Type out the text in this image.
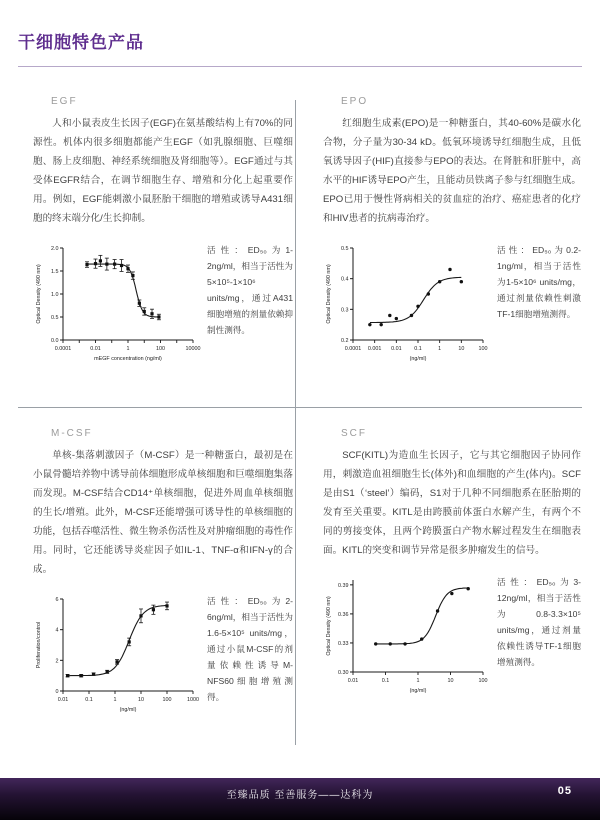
干细胞特色产品
EGF

人和小鼠表皮生长因子(EGF)在氨基酸结构上有70%的同源性。机体内很多细胞都能产生EGF（如乳腺细胞、巨噬细胞、肠上皮细胞、神经系统细胞及肾细胞等）。EGF通过与其受体EGFR结合，在调节细胞生存、增殖和分化上起重要作用。例如，EGF能刺激小鼠胚胎干细胞的增殖或诱导A431细胞的终末端分化/生长抑制。

0.0
0.5
1.0
1.5
2.0
0.0001	0.01	1	100	10000
mEGF concentration (ng/ml)
Optical Density (490 nm)

活性：ED₅₀为1-2ng/ml，相当于活性为5×10⁵-1×10⁶ units/mg，通过A431细胞增殖的剂量依赖抑制性测得。

EPO

红细胞生成素(EPO)是一种糖蛋白，其40-60%是碳水化合物，分子量为30-34 kD。低氧环境诱导红细胞生成，且低氧诱导因子(HIF)直接参与EPO的表达。在肾脏和肝脏中，高水平的HIF诱导EPO产生，且能动员铁离子参与红细胞生成。EPO已用于慢性肾病相关的贫血症的治疗、癌症患者的化疗和HIV患者的抗病毒治疗。

0.2
0.3
0.4
0.5
0.0001 0.001 0.01 0.1	1	10	100
(ng/ml)
Optical Density (490 nm)

活性：ED₅₀为0.2-1ng/ml，相当于活性为1-5×10⁶ units/mg，通过剂量依赖性刺激TF-1细胞增殖测得。

M-CSF

单核-集落刺激因子（M-CSF）是一种糖蛋白，最初是在小鼠骨髓培养物中诱导前体细胞形成单核细胞和巨噬细胞集落而发现。M-CSF结合CD14⁺单核细胞，促进外周血单核细胞的生长/增殖。此外，M-CSF还能增强可诱导性的单核细胞的功能，包括吞噬活性、微生物杀伤活性及对肿瘤细胞的毒性作用。同时，它还能诱导炎症因子如IL-1、TNF-α和IFN-γ的合成。

0
2
4
6
0.01	0.1	1	10	100	1000
(ng/ml)
Proliferation/control

活性：ED₅₀为2-6ng/ml，相当于活性为1.6-5×10⁵ units/mg，通过小鼠M-CSF的剂量依赖性诱导M-NFS60细胞增殖测得。

SCF

SCF(KITL)为造血生长因子，它与其它细胞因子协同作用，刺激造血祖细胞生长(体外)和血细胞的产生(体内)。SCF是由S1（‘steel’）编码，S1对于几种不同细胞系在胚胎期的发育至关重要。KITL是由跨膜前体蛋白水解产生，有两个不同的剪接变体，且两个跨膜蛋白产物水解过程发生在细胞表面。KITL的突变和调节异常是很多肿瘤发生的信号。

0.30
0.33
0.36
0.39
0.01	0.1	1	10	100
(ng/ml)
Optical Density (490 nm)

活性：ED₅₀为3-12ng/ml，相当于活性为0.8-3.3×10⁵ units/mg，通过剂量依赖性诱导TF-1细胞增殖测得。

至臻品质 至善服务——达科为	05
